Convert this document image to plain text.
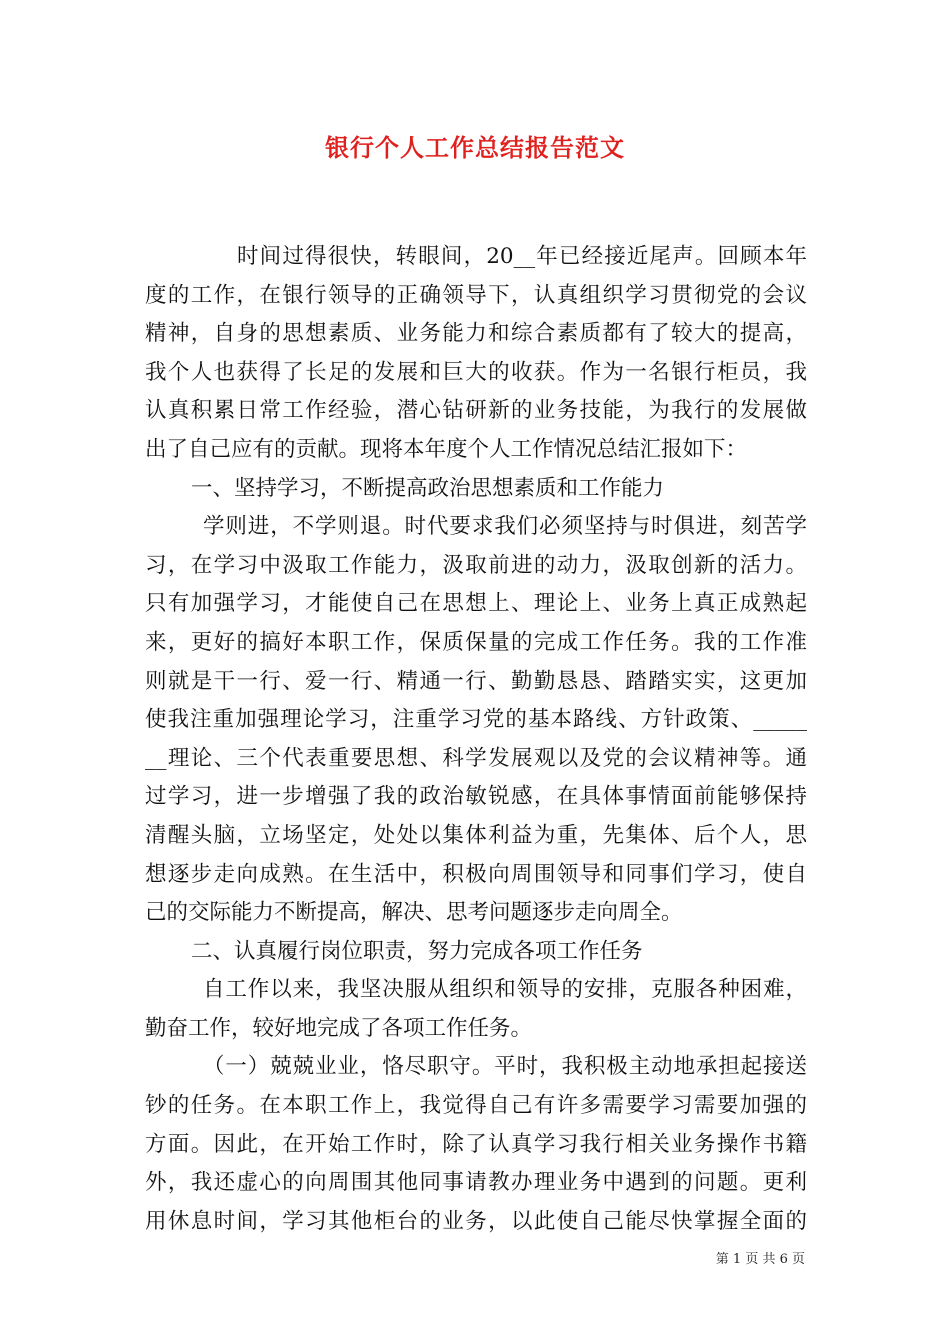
银行个人工作总结报告范文
时间过得很快，转眼间，20__年已经接近尾声。回顾本年
度的工作，在银行领导的正确领导下，认真组织学习贯彻党的会议
精神，自身的思想素质、业务能力和综合素质都有了较大的提高，
我个人也获得了长足的发展和巨大的收获。作为一名银行柜员，我
认真积累日常工作经验，潜心钻研新的业务技能，为我行的发展做
出了自己应有的贡献。现将本年度个人工作情况总结汇报如下：
一、坚持学习，不断提高政治思想素质和工作能力
学则进，不学则退。时代要求我们必须坚持与时俱进，刻苦学
习，在学习中汲取工作能力，汲取前进的动力，汲取创新的活力。
只有加强学习，才能使自己在思想上、理论上、业务上真正成熟起
来，更好的搞好本职工作，保质保量的完成工作任务。我的工作准
则就是干一行、爱一行、精通一行、勤勤恳恳、踏踏实实，这更加
使我注重加强理论学习，注重学习党的基本路线、方针政策、_____
__理论、三个代表重要思想、科学发展观以及党的会议精神等。通
过学习，进一步增强了我的政治敏锐感，在具体事情面前能够保持
清醒头脑，立场坚定，处处以集体利益为重，先集体、后个人，思
想逐步走向成熟。在生活中，积极向周围领导和同事们学习，使自
己的交际能力不断提高，解决、思考问题逐步走向周全。
二、认真履行岗位职责，努力完成各项工作任务
自工作以来，我坚决服从组织和领导的安排，克服各种困难，
勤奋工作，较好地完成了各项工作任务。
（一）兢兢业业，恪尽职守。平时，我积极主动地承担起接送
钞的任务。在本职工作上，我觉得自己有许多需要学习需要加强的
方面。因此，在开始工作时，除了认真学习我行相关业务操作书籍
外，我还虚心的向周围其他同事请教办理业务中遇到的问题。更利
用休息时间，学习其他柜台的业务，以此使自己能尽快掌握全面的

第 1 页 共 6 页
